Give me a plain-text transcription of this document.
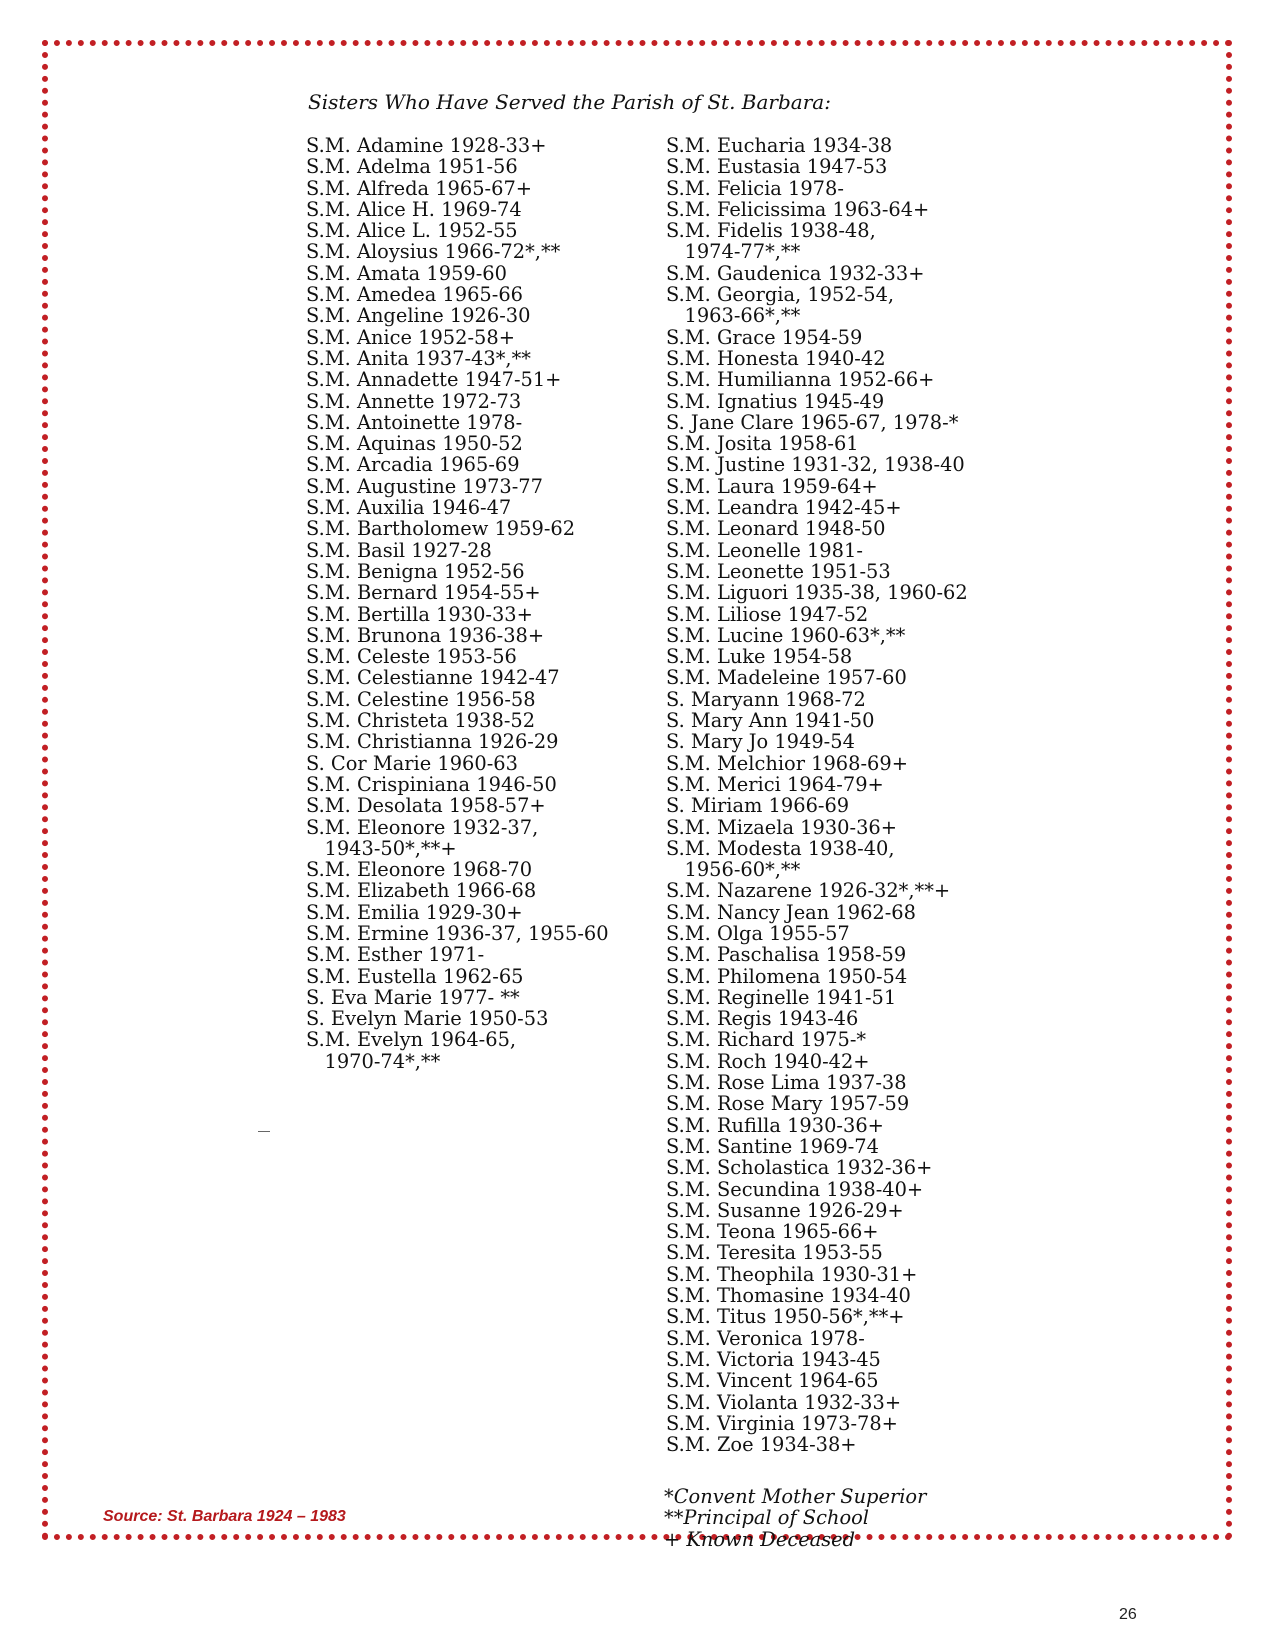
Sisters Who Have Served the Parish of St. Barbara:
S.M. Adamine 1928-33+
S.M. Adelma 1951-56
S.M. Alfreda 1965-67+
S.M. Alice H. 1969-74
S.M. Alice L. 1952-55
S.M. Aloysius 1966-72*,**
S.M. Amata 1959-60
S.M. Amedea 1965-66
S.M. Angeline 1926-30
S.M. Anice 1952-58+
S.M. Anita 1937-43*,**
S.M. Annadette 1947-51+
S.M. Annette 1972-73
S.M. Antoinette 1978-
S.M. Aquinas 1950-52
S.M. Arcadia 1965-69
S.M. Augustine 1973-77
S.M. Auxilia 1946-47
S.M. Bartholomew 1959-62
S.M. Basil 1927-28
S.M. Benigna 1952-56
S.M. Bernard 1954-55+
S.M. Bertilla 1930-33+
S.M. Brunona 1936-38+
S.M. Celeste 1953-56
S.M. Celestianne 1942-47
S.M. Celestine 1956-58
S.M. Christeta 1938-52
S.M. Christianna 1926-29
S. Cor Marie 1960-63
S.M. Crispiniana 1946-50
S.M. Desolata 1958-57+
S.M. Eleonore 1932-37,
1943-50*,**+
S.M. Eleonore 1968-70
S.M. Elizabeth 1966-68
S.M. Emilia 1929-30+
S.M. Ermine 1936-37, 1955-60
S.M. Esther 1971-
S.M. Eustella 1962-65
S. Eva Marie 1977- **
S. Evelyn Marie 1950-53
S.M. Evelyn 1964-65,
1970-74*,**
S.M. Eucharia 1934-38
S.M. Eustasia 1947-53
S.M. Felicia 1978-
S.M. Felicissima 1963-64+
S.M. Fidelis 1938-48,
1974-77*,**
S.M. Gaudenica 1932-33+
S.M. Georgia, 1952-54,
1963-66*,**
S.M. Grace 1954-59
S.M. Honesta 1940-42
S.M. Humilianna 1952-66+
S.M. Ignatius 1945-49
S. Jane Clare 1965-67, 1978-*
S.M. Josita 1958-61
S.M. Justine 1931-32, 1938-40
S.M. Laura 1959-64+
S.M. Leandra 1942-45+
S.M. Leonard 1948-50
S.M. Leonelle 1981-
S.M. Leonette 1951-53
S.M. Liguori 1935-38, 1960-62
S.M. Liliose 1947-52
S.M. Lucine 1960-63*,**
S.M. Luke 1954-58
S.M. Madeleine 1957-60
S. Maryann 1968-72
S. Mary Ann 1941-50
S. Mary Jo 1949-54
S.M. Melchior 1968-69+
S.M. Merici 1964-79+
S. Miriam 1966-69
S.M. Mizaela 1930-36+
S.M. Modesta 1938-40,
1956-60*,**
S.M. Nazarene 1926-32*,**+
S.M. Nancy Jean 1962-68
S.M. Olga 1955-57
S.M. Paschalisa 1958-59
S.M. Philomena 1950-54
S.M. Reginelle 1941-51
S.M. Regis 1943-46
S.M. Richard 1975-*
S.M. Roch 1940-42+
S.M. Rose Lima 1937-38
S.M. Rose Mary 1957-59
S.M. Rufilla 1930-36+
S.M. Santine 1969-74
S.M. Scholastica 1932-36+
S.M. Secundina 1938-40+
S.M. Susanne 1926-29+
S.M. Teona 1965-66+
S.M. Teresita 1953-55
S.M. Theophila 1930-31+
S.M. Thomasine 1934-40
S.M. Titus 1950-56*,**+
S.M. Veronica 1978-
S.M. Victoria 1943-45
S.M. Vincent 1964-65
S.M. Violanta 1932-33+
S.M. Virginia 1973-78+
S.M. Zoe 1934-38+
*Convent Mother Superior
**Principal of School
+ Known Deceased
Source: St. Barbara 1924 – 1983
26
